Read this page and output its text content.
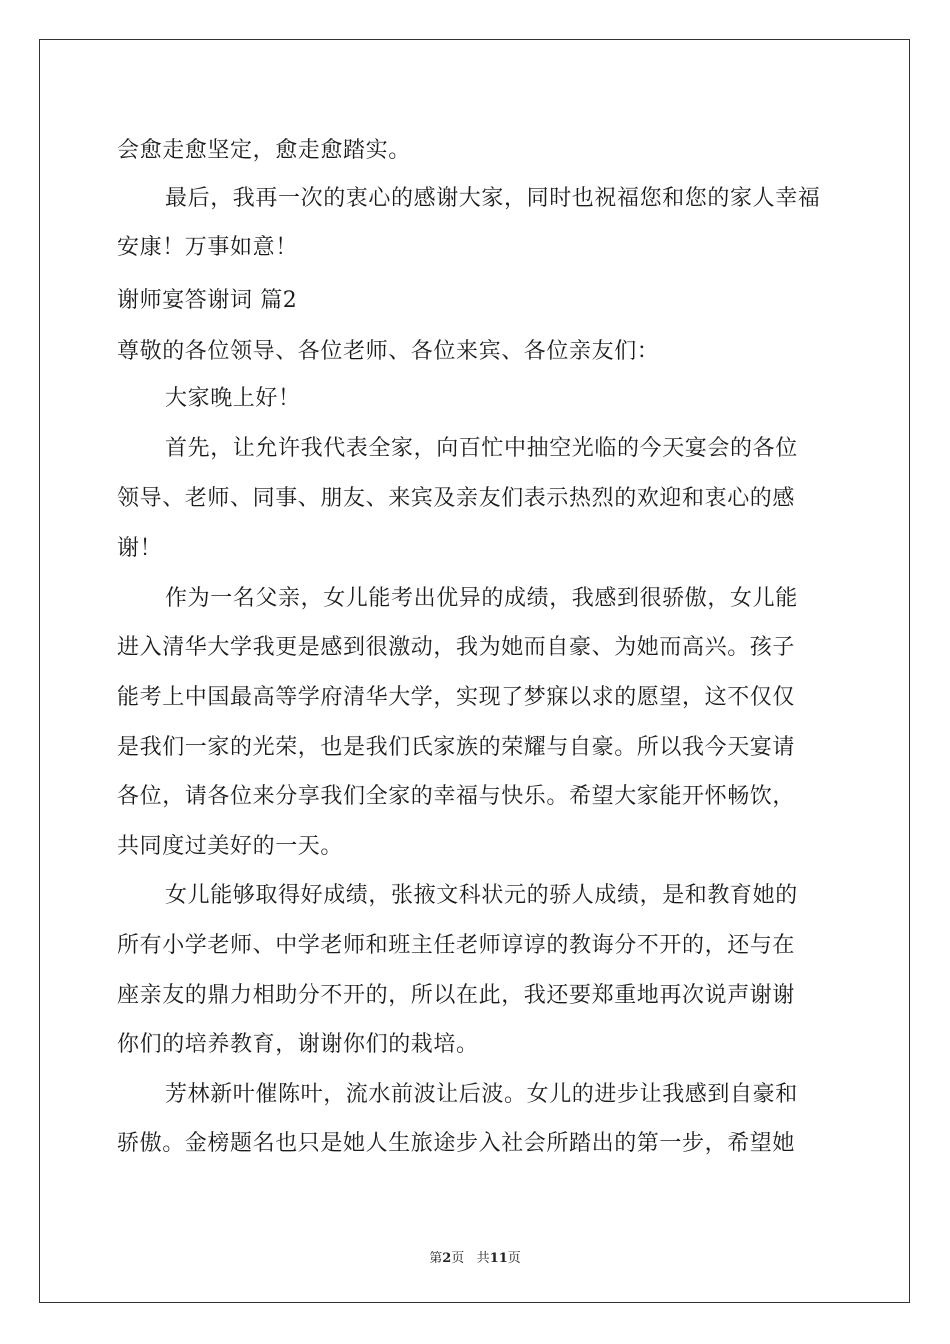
会愈走愈坚定，愈走愈踏实。
最后，我再一次的衷心的感谢大家，同时也祝福您和您的家人幸福
安康！万事如意！
谢师宴答谢词 篇2
尊敬的各位领导、各位老师、各位来宾、各位亲友们：
大家晚上好！
首先，让允许我代表全家，向百忙中抽空光临的今天宴会的各位
领导、老师、同事、朋友、来宾及亲友们表示热烈的欢迎和衷心的感
谢！
作为一名父亲，女儿能考出优异的成绩，我感到很骄傲，女儿能
进入清华大学我更是感到很激动，我为她而自豪、为她而高兴。孩子
能考上中国最高等学府清华大学，实现了梦寐以求的愿望，这不仅仅
是我们一家的光荣，也是我们氏家族的荣耀与自豪。所以我今天宴请
各位，请各位来分享我们全家的幸福与快乐。希望大家能开怀畅饮，
共同度过美好的一天。
女儿能够取得好成绩，张掖文科状元的骄人成绩，是和教育她的
所有小学老师、中学老师和班主任老师谆谆的教诲分不开的，还与在
座亲友的鼎力相助分不开的，所以在此，我还要郑重地再次说声谢谢
你们的培养教育，谢谢你们的栽培。
芳林新叶催陈叶，流水前波让后波。女儿的进步让我感到自豪和
骄傲。金榜题名也只是她人生旅途步入社会所踏出的第一步，希望她
第2页 共11页
